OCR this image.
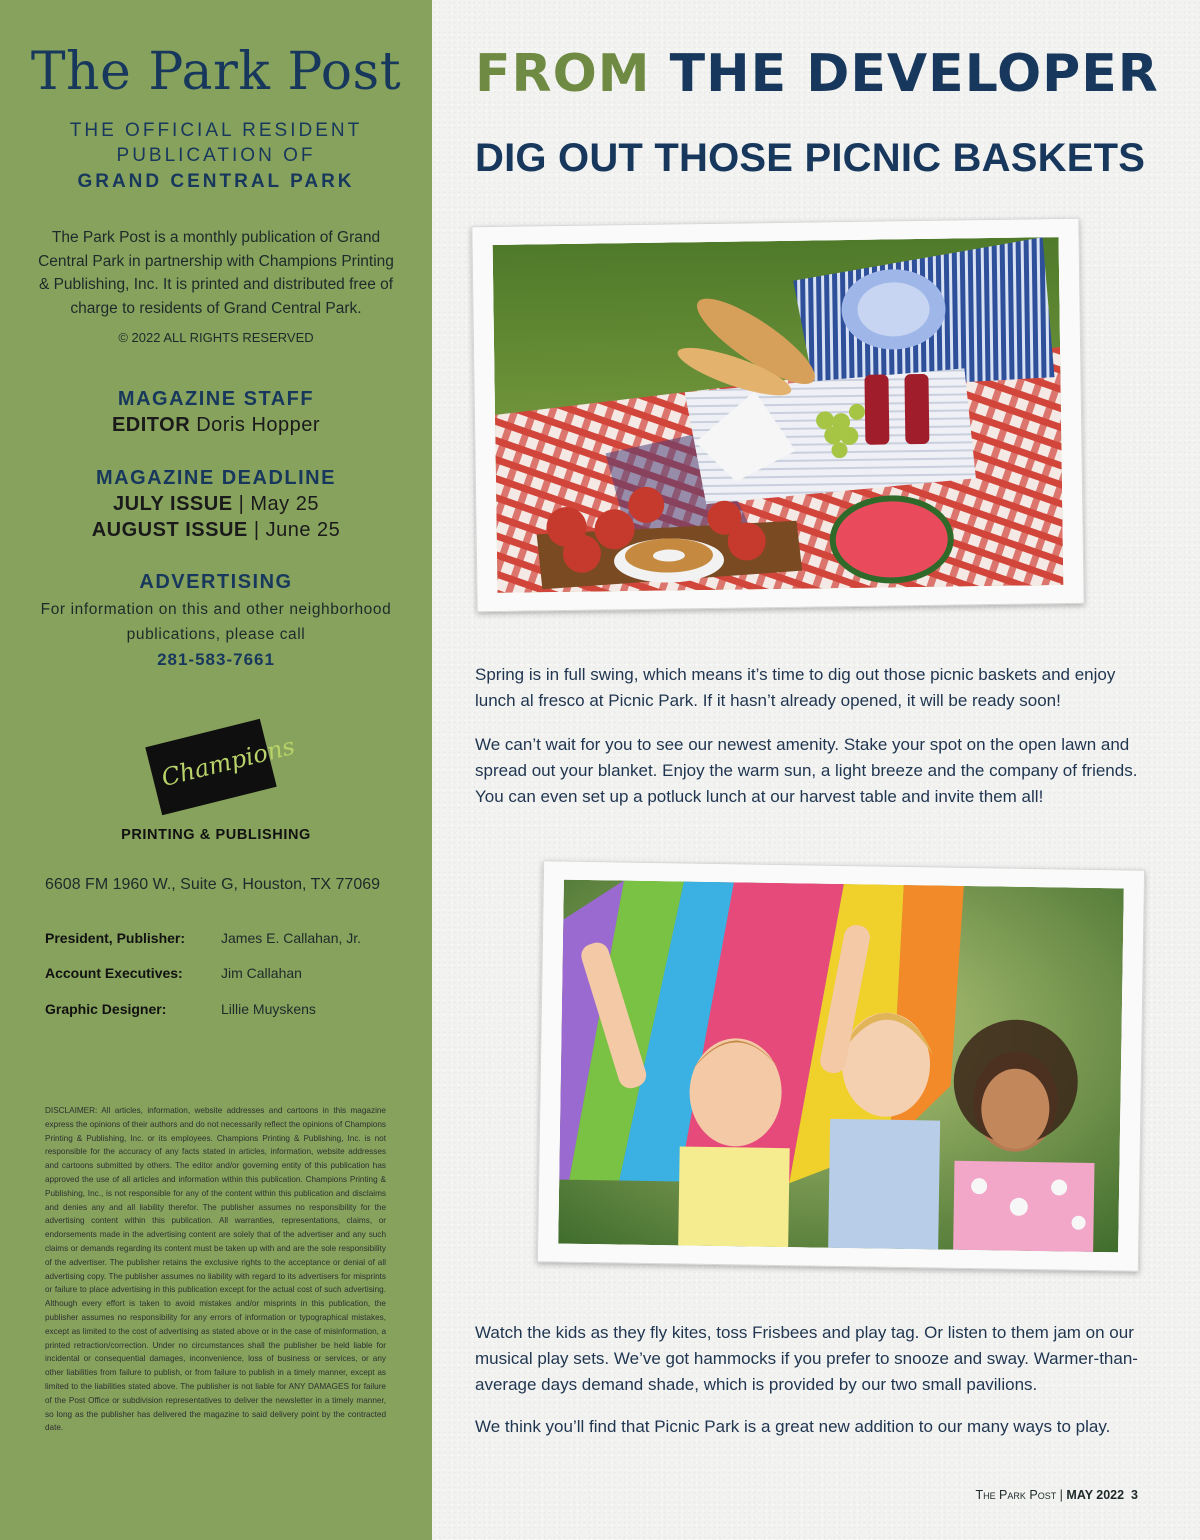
The Park Post
THE OFFICIAL RESIDENT
PUBLICATION OF
GRAND CENTRAL PARK
The Park Post is a monthly publication of Grand Central Park in partnership with Champions Printing & Publishing, Inc. It is printed and distributed free of charge to residents of Grand Central Park.
© 2022 ALL RIGHTS RESERVED
MAGAZINE STAFF
EDITOR Doris Hopper
MAGAZINE DEADLINE
JULY ISSUE | May 25
AUGUST ISSUE | June 25
ADVERTISING
For information on this and other neighborhood publications, please call
281-583-7661
Champions
PRINTING & PUBLISHING
6608 FM 1960 W., Suite G, Houston, TX 77069
President, Publisher:	James E. Callahan, Jr.
Account Executives:	Jim Callahan
Graphic Designer:	Lillie Muyskens
DISCLAIMER: All articles, information, website addresses and cartoons in this magazine express the opinions of their authors and do not necessarily reflect the opinions of Champions Printing & Publishing, Inc. or its employees. Champions Printing & Publishing, Inc. is not responsible for the accuracy of any facts stated in articles, information, website addresses and cartoons submitted by others. The editor and/or governing entity of this publication has approved the use of all articles and information within this publication. Champions Printing & Publishing, Inc., is not responsible for any of the content within this publication and disclaims and denies any and all liability therefor. The publisher assumes no responsibility for the advertising content within this publication. All warranties, representations, claims, or endorsements made in the advertising content are solely that of the advertiser and any such claims or demands regarding its content must be taken up with and are the sole responsibility of the advertiser. The publisher retains the exclusive rights to the acceptance or denial of all advertising copy. The publisher assumes no liability with regard to its advertisers for misprints or failure to place advertising in this publication except for the actual cost of such advertising. Although every effort is taken to avoid mistakes and/or misprints in this publication, the publisher assumes no responsibility for any errors of information or typographical mistakes, except as limited to the cost of advertising as stated above or in the case of misinformation, a printed retraction/correction. Under no circumstances shall the publisher be held liable for incidental or consequential damages, inconvenience, loss of business or services, or any other liabilities from failure to publish, or from failure to publish in a timely manner, except as limited to the liabilities stated above. The publisher is not liable for ANY DAMAGES for failure of the Post Office or subdivision representatives to deliver the newsletter in a timely manner, so long as the publisher has delivered the magazine to said delivery point by the contracted date.
FROM THE DEVELOPER
DIG OUT THOSE PICNIC BASKETS
Spring is in full swing, which means it’s time to dig out those picnic baskets and enjoy lunch al fresco at Picnic Park. If it hasn’t already opened, it will be ready soon!
We can’t wait for you to see our newest amenity. Stake your spot on the open lawn and spread out your blanket. Enjoy the warm sun, a light breeze and the company of friends. You can even set up a potluck lunch at our harvest table and invite them all!
Watch the kids as they fly kites, toss Frisbees and play tag. Or listen to them jam on our musical play sets. We’ve got hammocks if you prefer to snooze and sway. Warmer-than-average days demand shade, which is provided by our two small pavilions.
We think you’ll find that Picnic Park is a great new addition to our many ways to play.
The Park Post | MAY 2022 3
